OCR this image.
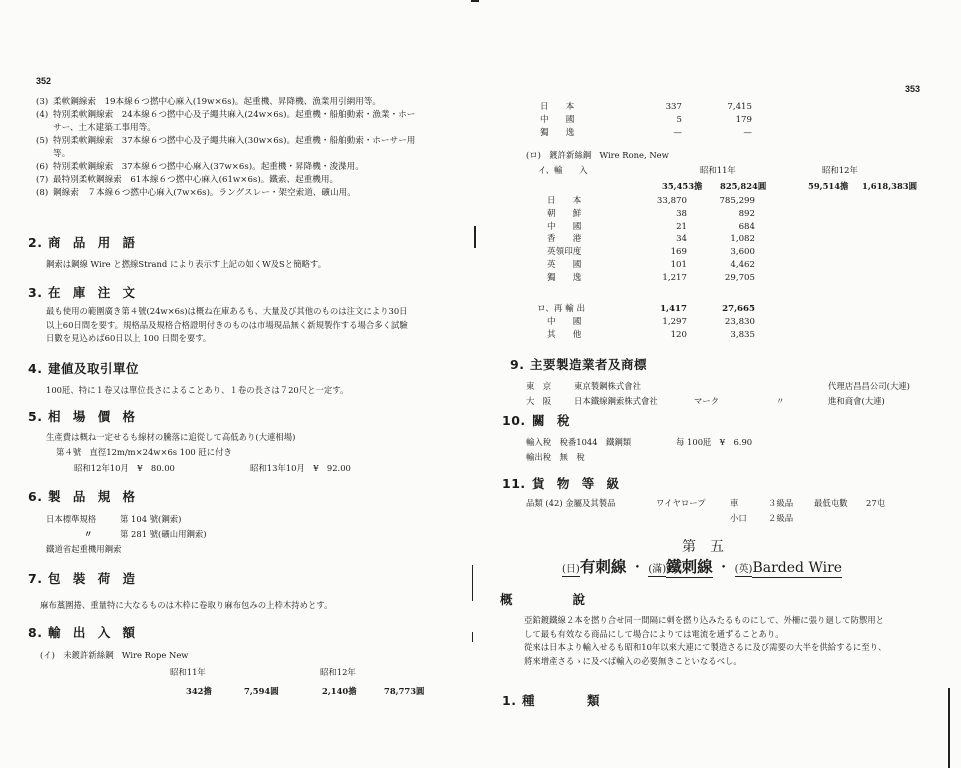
352
(3) 柔軟鋼線索　19本線６つ撚中心麻入(19w×6s)。起重機、昇降機、漁業用引網用等。
(4) 特別柔軟鋼線索　24本線６つ撚中心及子繩共麻入(24w×6s)。起重機・船舶動索・漁業・ホー
サー、土木建築工事用等。
(5) 特別柔軟鋼線索　37本線６つ撚中心及子繩共麻入(30w×6s)。起重機・船舶動索・ホーサー用
等。
(6) 特別柔軟鋼線索　37本線６つ撚中心麻入(37w×6s)。起重機・昇降機・浚渫用。
(7) 最特別柔軟鋼線索　61本線６つ撚中心麻入(61w×6s)。鐵索、起重機用。
(8) 鋼線索　７本線６つ撚中心麻入(7w×6s)。ラングスレー・架空索道、礦山用。
2. 商 品 用 語
鋼索は鋼線 Wire と撚線Strand により表示す上記の如くW及Sと簡略す。
3. 在 庫 注 文
最も使用の範圍廣き第４號(24w×6s)は概ね在庫あるも、大量及び其他のものは注文により30日
以上60日間を要す。規格品及規格合格證明付きのものは市場現品無く新規製作する場合多く試驗
日數を見込めば60日以上 100 日間を要す。
4. 建値及取引單位
100瓩、特に１卷又は單位長さによることあり、１卷の長さは７20尺と一定す。
5. 相 場 價 格
生產費は概ね一定せるも線材の騰落に追從して高低あり(大連相場)
第４號　直徑12m/m×24w×6s 100 瓩に付き
昭和12年10月　¥　80.00	昭和13年10月　¥　92.00
6. 製 品 規 格
日本標準規格	第 104 號(鋼索)
〃	第 281 號(礦山用鋼索)
鐵道省起重機用鋼索
7. 包 裝 荷 造
麻布藁圍捲、重量特に大なるものは木枠に卷取り麻布包みの上枠木持めとす。
8. 輸 出 入 額
(イ)　未鍍許新絲鋼　Wire Rope New
昭和11年	昭和12年
342擔	7,594圓	2,140擔	78,773圓
353
日　　本	337	7,415
中　　國	5	179
獨　　逸	—	—
(ロ)　鍍許新絲鋼　Wire Rone, New
イ、輸　　入	昭和11年	昭和12年
35,453擔 825,824圓	59,514擔 1,618,383圓
日　　本	33,870	785,299
朝　　鮮	38	892
中　　國	21	684
香　　港	34	1,082
英領印度	169	3,600
英　　國	101	4,462
獨　　逸	1,217	29,705
ロ、再 輸 出	1,417	27,665
中　　國	1,297	23,830
其　　他	120	3,835
9. 主要製造業者及商標
東　京	東京製鋼株式會社	代理店昌昌公司(大連)
大　阪	日本鐵線鋼索株式會社	マーク	〃	進和商會(大連)
10. 關 稅
輸入稅　稅番1044　鐵鋼類	每 100瓩　¥　6.90
輸出稅　無　稅
11. 貨 物 等 級
品類 (42) 金屬及其製品	ワイヤロープ	車	３級品 最低屯數 27屯
小口	２級品
第　五
(日)有刺線 ・ (滿)鐵刺線 ・ (英)Barded Wire
概　　　　說
亞鉛鍍鐵線２本を撚り合せ同一間隔に刺を撚り込みたるものにして、外柵に張り廻して防禦用と
して最も有效なる商品にして場合によりては電流を通ずることあり。
從來は日本より輸入せるも昭和10年以來大連にて製造さるに及び需要の大半を供給するに至り、
將來增產さるゝに及べば輸入の必要無きこといなるべし。
1. 種　　　　類
